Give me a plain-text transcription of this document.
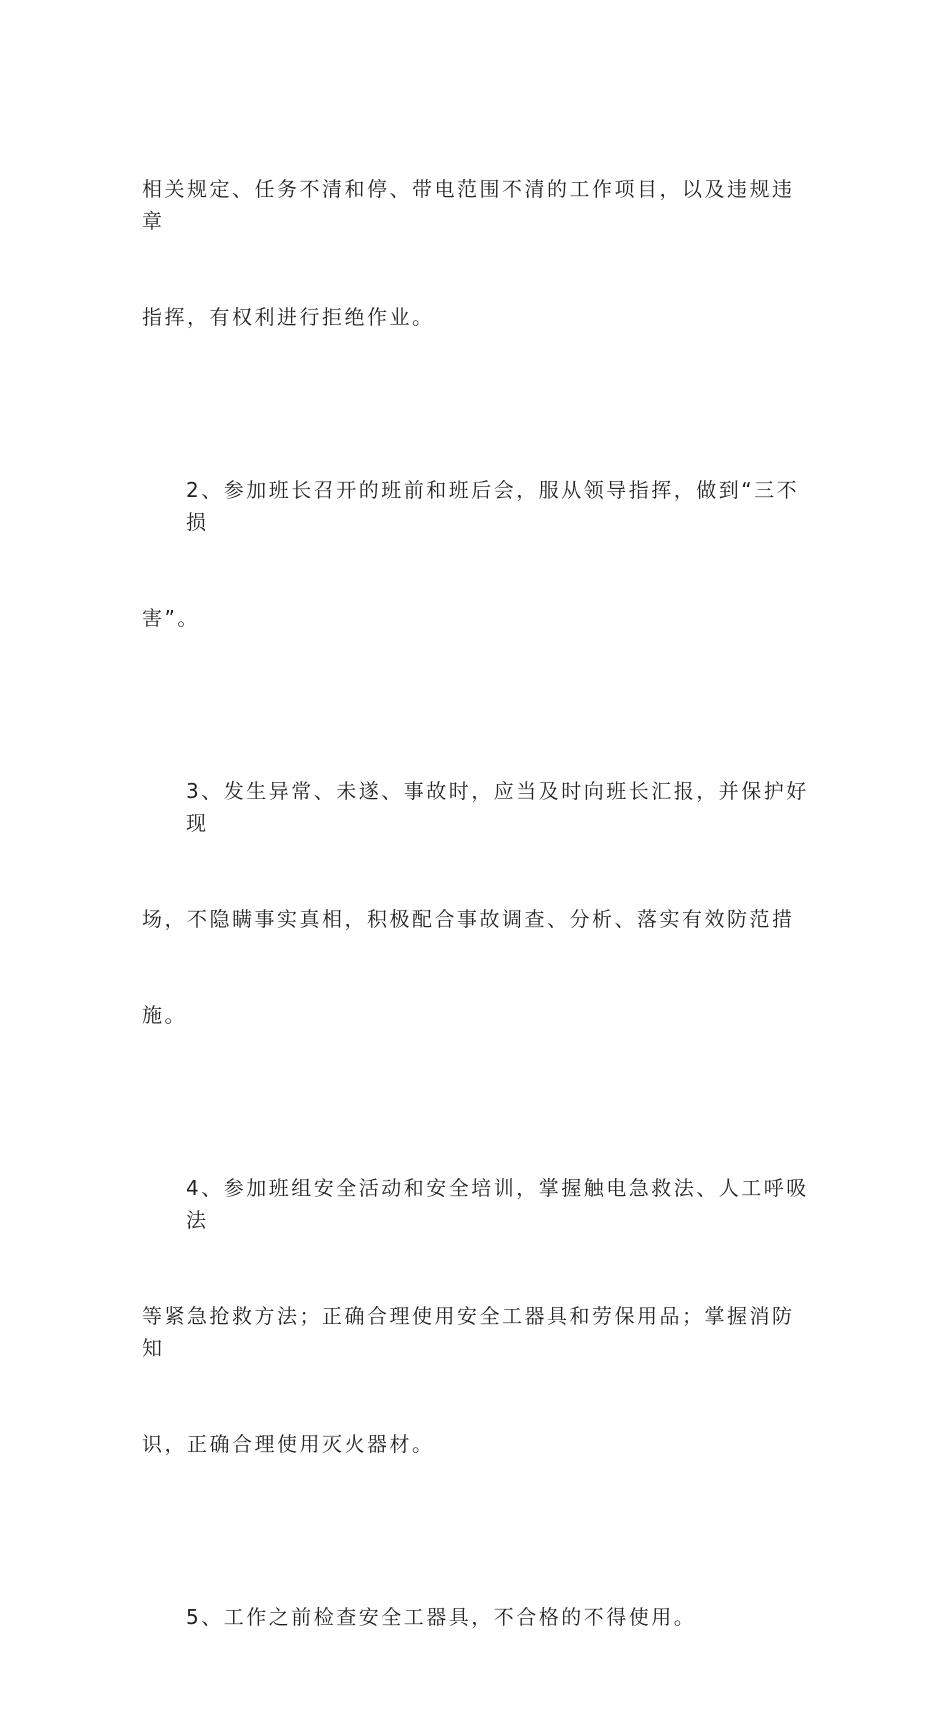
相关规定、任务不清和停、带电范围不清的工作项目，以及违规违章

指挥，有权利进行拒绝作业。

2、参加班长召开的班前和班后会，服从领导指挥，做到“三不损

害”。

3、发生异常、未遂、事故时，应当及时向班长汇报，并保护好现

场，不隐瞒事实真相，积极配合事故调查、分析、落实有效防范措

施。

4、参加班组安全活动和安全培训，掌握触电急救法、人工呼吸法

等紧急抢救方法；正确合理使用安全工器具和劳保用品；掌握消防知

识，正确合理使用灭火器材。

5、工作之前检查安全工器具，不合格的不得使用。
